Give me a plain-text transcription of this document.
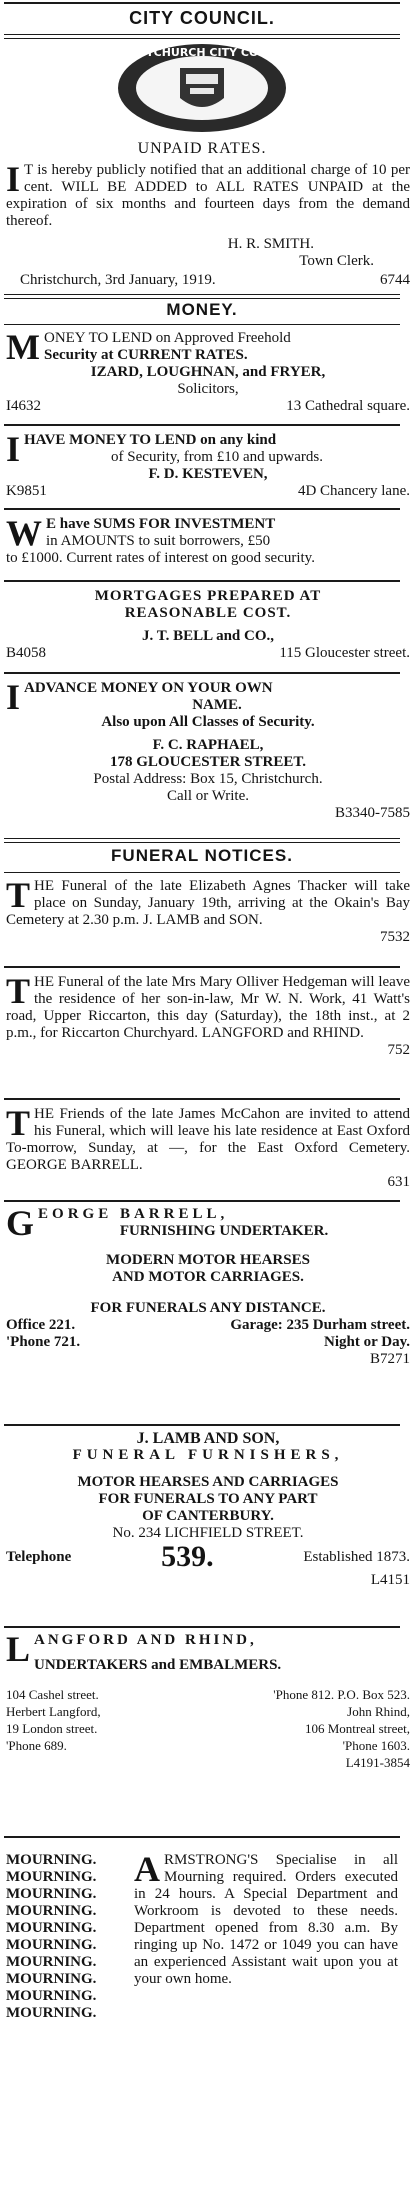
CITY COUNCIL.
CHRISTCHURCH CITY COUNCIL
UNPAID RATES.
I T is hereby publicly notified that an additional charge of 10 per cent. WILL BE ADDED to ALL RATES UNPAID at the expiration of six months and fourteen days from the demand thereof.
H. R. SMITH.
Town Clerk.
Christchurch, 3rd January, 1919.	6744
MONEY.
M ONEY TO LEND on Approved Freehold
Security at CURRENT RATES.
IZARD, LOUGHNAN, and FRYER,
Solicitors,
I4632	13 Cathedral square.
I HAVE MONEY TO LEND on any kind
of Security, from £10 and upwards.
F. D. KESTEVEN,
K9851	4D Chancery lane.
W E have SUMS FOR INVESTMENT
in AMOUNTS to suit borrowers, £50
to £1000. Current rates of interest on good security.
MORTGAGES PREPARED AT
REASONABLE COST.
J. T. BELL and CO.,
B4058	115 Gloucester street.
I ADVANCE MONEY ON YOUR OWN
NAME.
Also upon All Classes of Security.
F. C. RAPHAEL,
178 GLOUCESTER STREET.
Postal Address: Box 15, Christchurch.
Call or Write.
B3340-7585
FUNERAL NOTICES.
THE Funeral of the late Elizabeth Agnes Thacker will take place on Sunday, January 19th, arriving at the Okain's Bay Cemetery at 2.30 p.m. J. LAMB and SON.
7532
THE Funeral of the late Mrs Mary Olliver Hedgeman will leave the residence of her son-in-law, Mr W. N. Work, 41 Watt's road, Upper Riccarton, this day (Saturday), the 18th inst., at 2 p.m., for Riccarton Churchyard. LANGFORD and RHIND.
752
THE Friends of the late James McCahon are invited to attend his Funeral, which will leave his late residence at East Oxford To-morrow, Sunday, at —, for the East Oxford Cemetery. GEORGE BARRELL.
631
G EORGE BARRELL,
FURNISHING UNDERTAKER.
MODERN MOTOR HEARSES
AND MOTOR CARRIAGES.
FOR FUNERALS ANY DISTANCE.
Office 221.	Garage: 235 Durham street.
'Phone 721.	Night or Day.
B7271
J. LAMB AND SON,
FUNERAL FURNISHERS,
MOTOR HEARSES AND CARRIAGES
FOR FUNERALS TO ANY PART
OF CANTERBURY.
No. 234 LICHFIELD STREET.
Telephone	539.	Established 1873.
L4151
L ANGFORD AND RHIND,
UNDERTAKERS and EMBALMERS.
104 Cashel street.	'Phone 812. P.O. Box 523.
Herbert Langford,	John Rhind,
19 London street.	106 Montreal street,
'Phone 689.	'Phone 1603.
L4191-3854
MOURNING.
MOURNING.
MOURNING.
MOURNING.
MOURNING.
MOURNING.
MOURNING.
MOURNING.
MOURNING.
MOURNING.
ARMSTRONG'S Specialise in all Mourning required. Orders executed in 24 hours. A Special Department and Workroom is devoted to these needs. Department opened from 8.30 a.m. By ringing up No. 1472 or 1049 you can have an experienced Assistant wait upon you at your own home.
